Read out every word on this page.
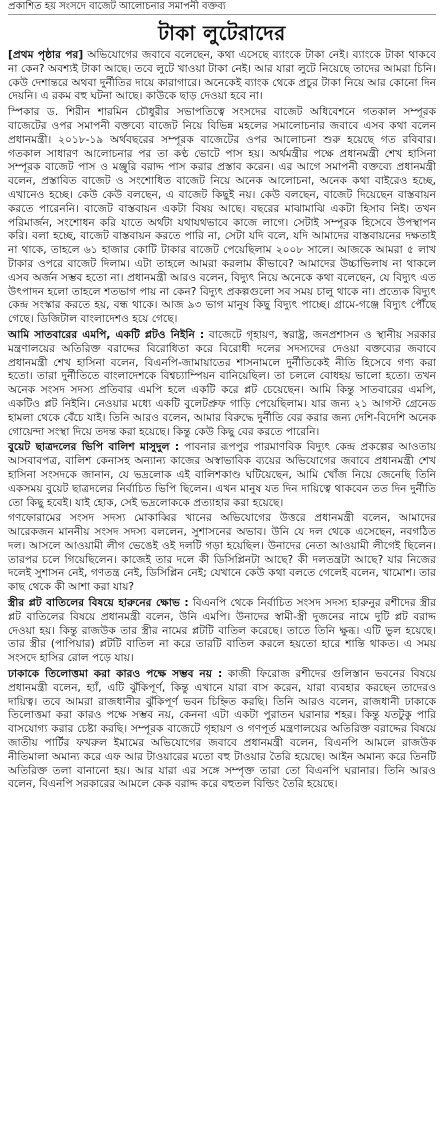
প্রকাশিত হয় সংসদে বাজেট আলোচনার সমাপনী বক্তব্য
টাকা লুটেরাদের

[প্রথম পৃষ্ঠার পর] অভিযোগের জবাবে বলেছেন, কথা এসেছে ব্যাংকে টাকা নেই। ব্যাংকে টাকা থাকবে না কেন? অবশ্যই টাকা আছে। তবে লুটে খাওয়া টাকা নেই। আর যারা লুটে নিয়েছে তাদের আমরা চিনি। কেউ দেশান্তরে অথবা দুর্নীতির দায়ে কারাগারে। অনেকেই ব্যাংক থেকে প্রচুর টাকা নিয়ে আর কোনো দিন দেয়নি। এ রকম বহু ঘটনা আছে। কাউকে ছাড় দেওয়া হবে না।

স্পিকার ড. শিরীন শারমিন চৌধুরীর সভাপতিত্বে সংসদের বাজেট অধিবেশনে গতকাল সম্পূরক বাজেটের ওপর সমাপনী বক্তব্যে বাজেট নিয়ে বিভিন্ন মহলের সমালোচনার জবাবে এসব কথা বলেন প্রধানমন্ত্রী। ২০১৮-১৯ অর্থবছরের সম্পূরক বাজেটের ওপর আলোচনা শুরু হয়েছে গত রবিবার। গতকাল সাধারণ আলোচনার পর তা কণ্ঠ ভোটে পাস হয়। অর্থমন্ত্রীর পক্ষে প্রধানমন্ত্রী শেখ হাসিনা সম্পূরক বাজেট পাস ও মঞ্জুরি বরাদ্দ পাস করার প্রস্তাব করেন। এর আগে সমাপনী বক্তব্যে প্রধানমন্ত্রী বলেন, প্রস্তাবিত বাজেট ও সংশোধিত বাজেট নিয়ে অনেক আলোচনা, অনেক কথা বাইরেও হচ্ছে, এখানেও হচ্ছে। কেউ কেউ বলছেন, এ বাজেট কিছুই নয়। কেউ বলছেন, বাজেট দিয়েছেন বাস্তবায়ন করতে পারেননি। বাজেট বাস্তবায়ন একটা বিষয় আছে। বছরের মাঝামাঝি একটা হিসাব নিই। তখন পরিমার্জন, সংশোধন করি যাতে অর্থটা যথাযথভাবে কাজে লাগে। সেটাই সম্পূরক হিসেবে উপস্থাপন করি। বলা হচ্ছে, বাজেট বাস্তবায়ন করতে পারি না, সেটা যদি বলে, যদি আমাদের বাস্তবায়নের দক্ষতাই না থাকে, তাহলে ৬১ হাজার কোটি টাকার বাজেট পেয়েছিলাম ২০০৮ সালে। আজকে আমরা ৫ লাখ টাকার ওপরে বাজেট দিলাম। এটা তাহলে আমরা করলাম কীভাবে? আমাদের উচ্চাভিলাষ না থাকলে এসব অর্জন সম্ভব হতো না। প্রধানমন্ত্রী আরও বলেন, বিদ্যুৎ নিয়ে অনেকে কথা বলেছেন, যে বিদ্যুৎ এত উৎপাদন হলো তাহলে শতভাগ পায় না কেন? বিদ্যুৎ প্রকল্পগুলো সব সময় চালু থাকে না। প্রত্যেক বিদ্যুৎ কেন্দ্র সংস্কার করতে হয়, বন্ধ থাকে। আজ ৯৩ ভাগ মানুষ কিছু বিদ্যুৎ পাচ্ছে। গ্রামে-গঞ্জে বিদ্যুৎ পৌঁছে গেছে। ডিজিটাল বাংলাদেশও হয়ে গেছে।

আমি সাতবারের এমপি, একটি প্লটও নিইনি : বাজেটে গৃহায়ণ, স্বরাষ্ট্র, জনপ্রশাসন ও স্থানীয় সরকার মন্ত্রণালয়ের অতিরিক্ত বরাদ্দের বিরোধিতা করে বিরোধী দলের সদস্যদের দেওয়া বক্তব্যের জবাবে প্রধানমন্ত্রী শেখ হাসিনা বলেন, বিএনপি-জামায়াতের শাসনামলে দুর্নীতিকেই নীতি হিসেবে গণ্য করা হতো। তারা দুর্নীতিতে বাংলাদেশকে বিশ্বচ্যাম্পিয়ন বানিয়েছিল। তা চললে বোধহয় ভালো হতো। তখন অনেক সংসদ সদস্য প্রতিবার এমপি হলে একটি করে প্লট চেয়েছেন। আমি কিন্তু সাতবারের এমপি, একটিও প্লট নিইনি। নেওয়ার মধ্যে একটি বুলেটপ্রুফ গাড়ি পেয়েছিলাম। যার জন্য ২১ আগস্ট গ্রেনেড হামলা থেকে বেঁচে যাই। তিনি আরও বলেন, আমার বিরুদ্ধে দুর্নীতি বের করার জন্য দেশি-বিদেশি অনেক গোয়েন্দা সংস্থা দিয়ে তদন্ত করা হয়েছে। কিন্তু কেউ কিছু বের করতে পারেনি।

বুয়েট ছাত্রদলের ভিপি বালিশ মাসুদুল : পাবনার রূপপুর পারমাণবিক বিদ্যুৎ কেন্দ্র প্রকল্পের আওতায় আসবাবপত্র, বালিশ কেনাসহ অন্যান্য কাজের অস্বাভাবিক ব্যয়ের অভিযোগের জবাবে প্রধানমন্ত্রী শেখ হাসিনা সংসদকে জানান, যে ভদ্রলোক এই বালিশকাণ্ড ঘটিয়েছেন, আমি খোঁজ নিয়ে জেনেছি তিনি একসময় বুয়েট ছাত্রদলের নির্বাচিত ভিপি ছিলেন। এখন মানুষ যত দিন দায়িত্বে থাকবেন তত দিন দুর্নীতি তো কিছু হবেই। যাই হোক, সেই ভদ্রলোককে প্রত্যাহার করা হয়েছে।

গণফোরামের সংসদ সদস্য মোকাব্বির খানের অভিযোগের উত্তরে প্রধানমন্ত্রী বলেন, আমাদের আরেকজন মাননীয় সংসদ সদস্য বললেন, সুশাসনের অভাব। উনি যে দল থেকে এসেছেন, নবগঠিত দল। আসলে আওয়ামী লীগ ভেঙেই ওই দলটি গড়া হয়েছিল। উনাদের নেতা আওয়ামী লীগেই ছিলেন। তারপর চলে গিয়েছিলেন। কাজেই তার দলে কী ডিসিপ্লিনটা আছে? কী দলতন্ত্রটা আছে? যার নিজের দলেই সুশাসন নেই, গণতন্ত্র নেই, ডিসিপ্লিন নেই; যেখানে কেউ কথা বলতে গেলেই বলেন, খামোশ। তার কাছ থেকে কী আশা করা যায়?

স্ত্রীর প্লট বাতিলের বিষয়ে হারুনের ক্ষোভ : বিএনপি থেকে নির্বাচিত সংসদ সদস্য হারুনুর রশীদের স্ত্রীর প্লট বাতিলের বিষয়ে প্রধানমন্ত্রী বলেন, উনি এমপি। উনাদের স্বামী-স্ত্রী দুজনের নামে দুটি প্লট বরাদ্দ দেওয়া হয়। কিন্তু রাজউক তার স্ত্রীর নামের প্লটটি বাতিল করেছে। তাতে তিনি ক্ষুব্ধ। এটি ভুল হয়েছে। তার স্ত্রীর (পাপিয়ার) প্লটটি বাতিল না করে তারটি বাতিল করলে হয়তো হারে শান্তি থাকত। এ সময় সংসদে হাসির রোল পড়ে যায়।

ঢাকাকে তিলোত্তমা করা কারও পক্ষে সম্ভব নয় : কাজী ফিরোজ রশীদের গুলিস্তান ভবনের বিষয়ে প্রধানমন্ত্রী বলেন, হ্যাঁ, এটি ঝুঁকিপূর্ণ, কিন্তু এখানে যারা বাস করেন, যারা ব্যবহার করছেন তাদেরও দায়িত্ব। তবে আমরা রাজধানীর ঝুঁকিপূর্ণ ভবন চিহ্নিত করছি। তিনি আরও বলেন, রাজধানী ঢাকাকে তিলোত্তমা করা কারও পক্ষে সম্ভব নয়, কেননা এটা একটা পুরাতন ঘরানার শহর। কিন্তু যতটুকু পারি বাসযোগ্য করার চেষ্টা করছি। সম্পূরক বাজেটে গৃহায়ণ ও গণপূর্ত মন্ত্রণালয়ের অতিরিক্ত বরাদ্দের বিষয়ে জাতীয় পার্টির ফখরুল ইমামের অভিযোগের জবাবে প্রধানমন্ত্রী বলেন, বিএনপি আমলে রাজউক নীতিমালা অমান্য করে এফ আর টাওয়ারের মতো বহু টাওয়ার তৈরি হয়েছে। আইন অমান্য করে তিনটি অতিরিক্ত তলা বানানো হয়। আর যারা এর সঙ্গে সম্পৃক্ত তারা তো বিএনপি ঘরানার। তিনি আরও বলেন, বিএনপি সরকারের আমলে কেক বরাদ্দ করে বহুতল বিল্ডিং তৈরি হয়েছে।
